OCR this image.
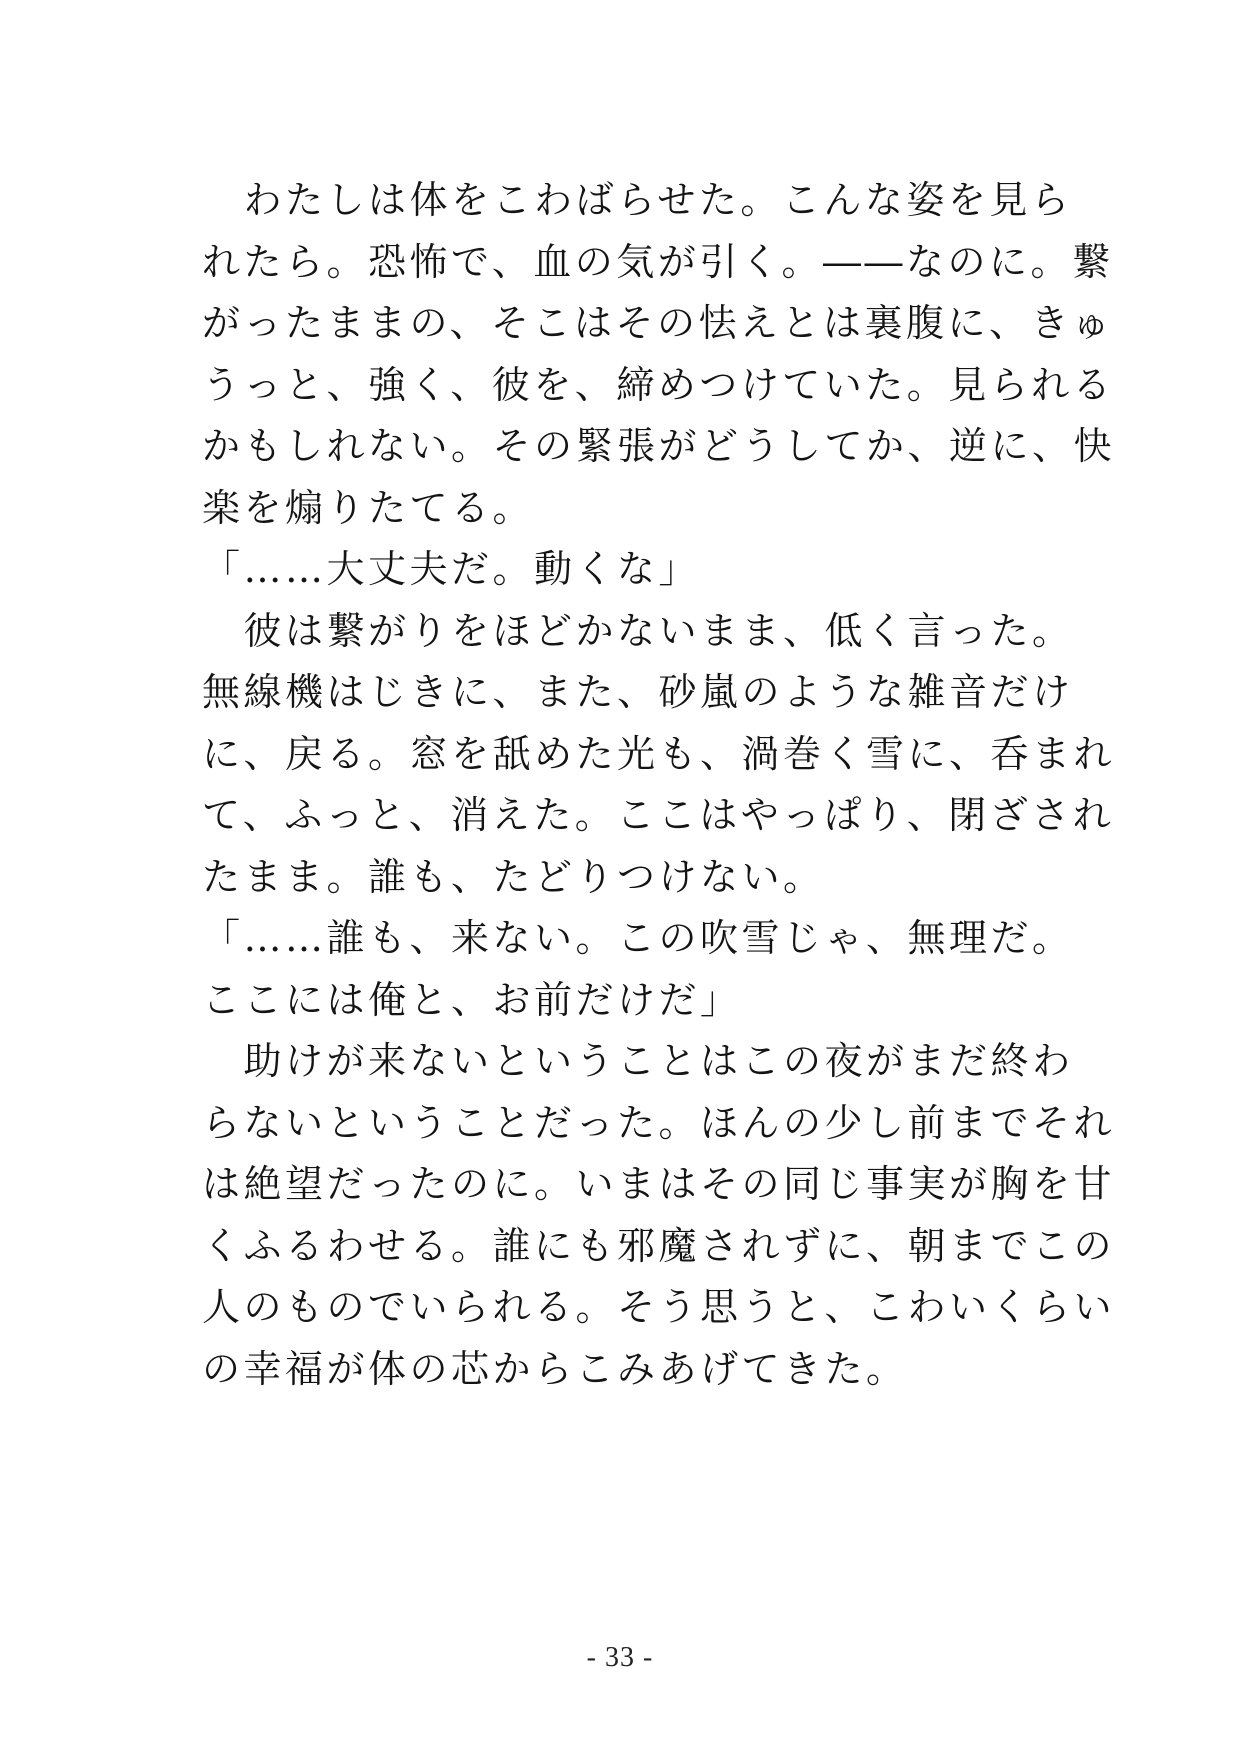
　わたしは体をこわばらせた。こんな姿を見ら
れたら。恐怖で、血の気が引く。――なのに。繋
がったままの、そこはその怯えとは裏腹に、きゅ
うっと、強く、彼を、締めつけていた。見られる
かもしれない。その緊張がどうしてか、逆に、快
楽を煽りたてる。
「……大丈夫だ。動くな」
　彼は繋がりをほどかないまま、低く言った。
無線機はじきに、また、砂嵐のような雑音だけ
に、戻る。窓を舐めた光も、渦巻く雪に、呑まれ
て、ふっと、消えた。ここはやっぱり、閉ざされ
たまま。誰も、たどりつけない。
「……誰も、来ない。この吹雪じゃ、無理だ。
ここには俺と、お前だけだ」
　助けが来ないということはこの夜がまだ終わ
らないということだった。ほんの少し前までそれ
は絶望だったのに。いまはその同じ事実が胸を甘
くふるわせる。誰にも邪魔されずに、朝までこの
人のものでいられる。そう思うと、こわいくらい
の幸福が体の芯からこみあげてきた。
- 33 -
